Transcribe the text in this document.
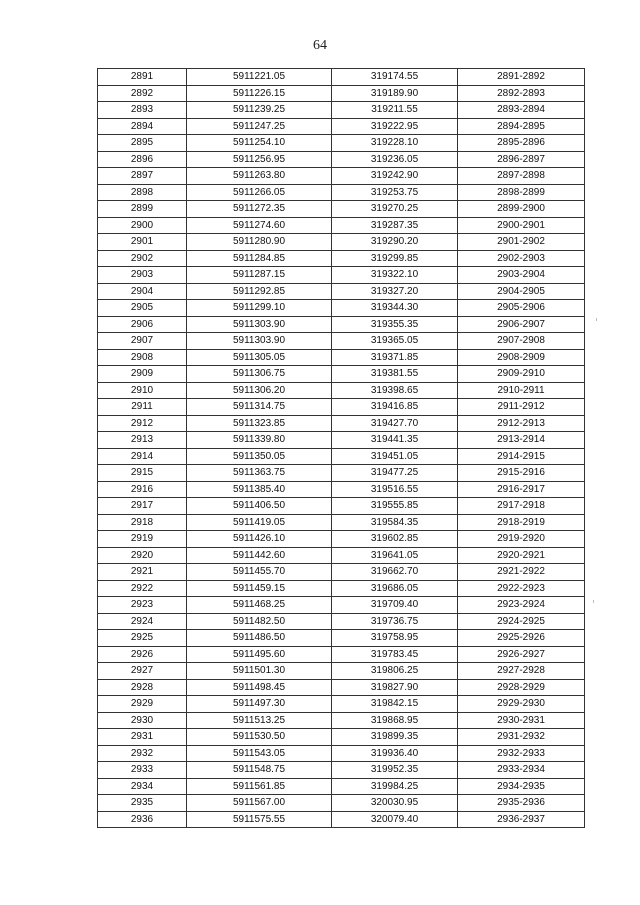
64
2891	5911221.05	319174.55	2891-2892
2892	5911226.15	319189.90	2892-2893
2893	5911239.25	319211.55	2893-2894
2894	5911247.25	319222.95	2894-2895
2895	5911254.10	319228.10	2895-2896
2896	5911256.95	319236.05	2896-2897
2897	5911263.80	319242.90	2897-2898
2898	5911266.05	319253.75	2898-2899
2899	5911272.35	319270.25	2899-2900
2900	5911274.60	319287.35	2900-2901
2901	5911280.90	319290.20	2901-2902
2902	5911284.85	319299.85	2902-2903
2903	5911287.15	319322.10	2903-2904
2904	5911292.85	319327.20	2904-2905
2905	5911299.10	319344.30	2905-2906
2906	5911303.90	319355.35	2906-2907
2907	5911303.90	319365.05	2907-2908
2908	5911305.05	319371.85	2908-2909
2909	5911306.75	319381.55	2909-2910
2910	5911306.20	319398.65	2910-2911
2911	5911314.75	319416.85	2911-2912
2912	5911323.85	319427.70	2912-2913
2913	5911339.80	319441.35	2913-2914
2914	5911350.05	319451.05	2914-2915
2915	5911363.75	319477.25	2915-2916
2916	5911385.40	319516.55	2916-2917
2917	5911406.50	319555.85	2917-2918
2918	5911419.05	319584.35	2918-2919
2919	5911426.10	319602.85	2919-2920
2920	5911442.60	319641.05	2920-2921
2921	5911455.70	319662.70	2921-2922
2922	5911459.15	319686.05	2922-2923
2923	5911468.25	319709.40	2923-2924
2924	5911482.50	319736.75	2924-2925
2925	5911486.50	319758.95	2925-2926
2926	5911495.60	319783.45	2926-2927
2927	5911501.30	319806.25	2927-2928
2928	5911498.45	319827.90	2928-2929
2929	5911497.30	319842.15	2929-2930
2930	5911513.25	319868.95	2930-2931
2931	5911530.50	319899.35	2931-2932
2932	5911543.05	319936.40	2932-2933
2933	5911548.75	319952.35	2933-2934
2934	5911561.85	319984.25	2934-2935
2935	5911567.00	320030.95	2935-2936
2936	5911575.55	320079.40	2936-2937
